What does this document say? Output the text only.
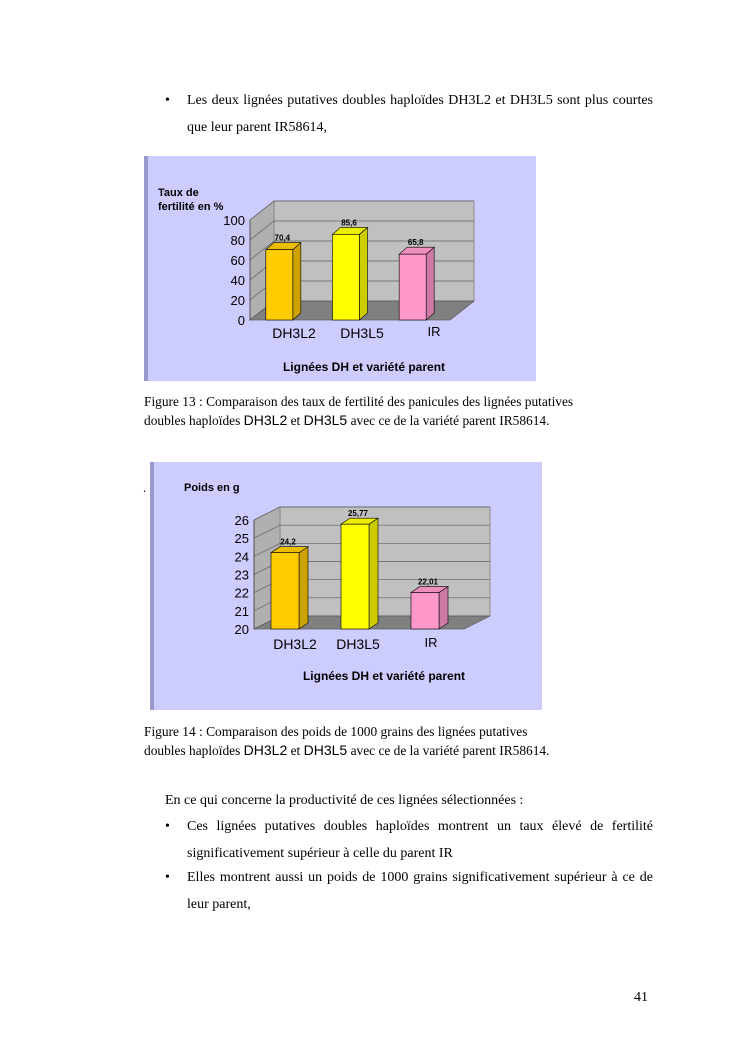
•	Les deux lignées putatives doubles haploïdes DH3L2 et DH3L5 sont plus courtes que leur parent IR58614,
0
20
40
60
80
100
Taux de
fertilité en %
70,4
85,6
65,8
DH3L2 DH3L5	IR
Lignées DH et variété parent
Figure 13 : Comparaison des taux de fertilité des panicules des lignées putatives
doubles haploïdes DH3L2 et DH3L5 avec ce de la variété parent IR58614.
.
20
21
22
23
24
25
26
Poids en g
24,2
25,77
22,01
DH3L2 DH3L5	IR
Lignées DH et variété parent
Figure 14 : Comparaison des poids de 1000 grains des lignées putatives
doubles haploïdes DH3L2 et DH3L5 avec ce de la variété parent IR58614.
En ce qui concerne la productivité de ces lignées sélectionnées :
•	Ces lignées putatives doubles haploïdes montrent un taux élevé de fertilité significativement supérieur à celle du parent IR
•	Elles montrent aussi un poids de 1000 grains significativement supérieur à ce de leur parent,
41
